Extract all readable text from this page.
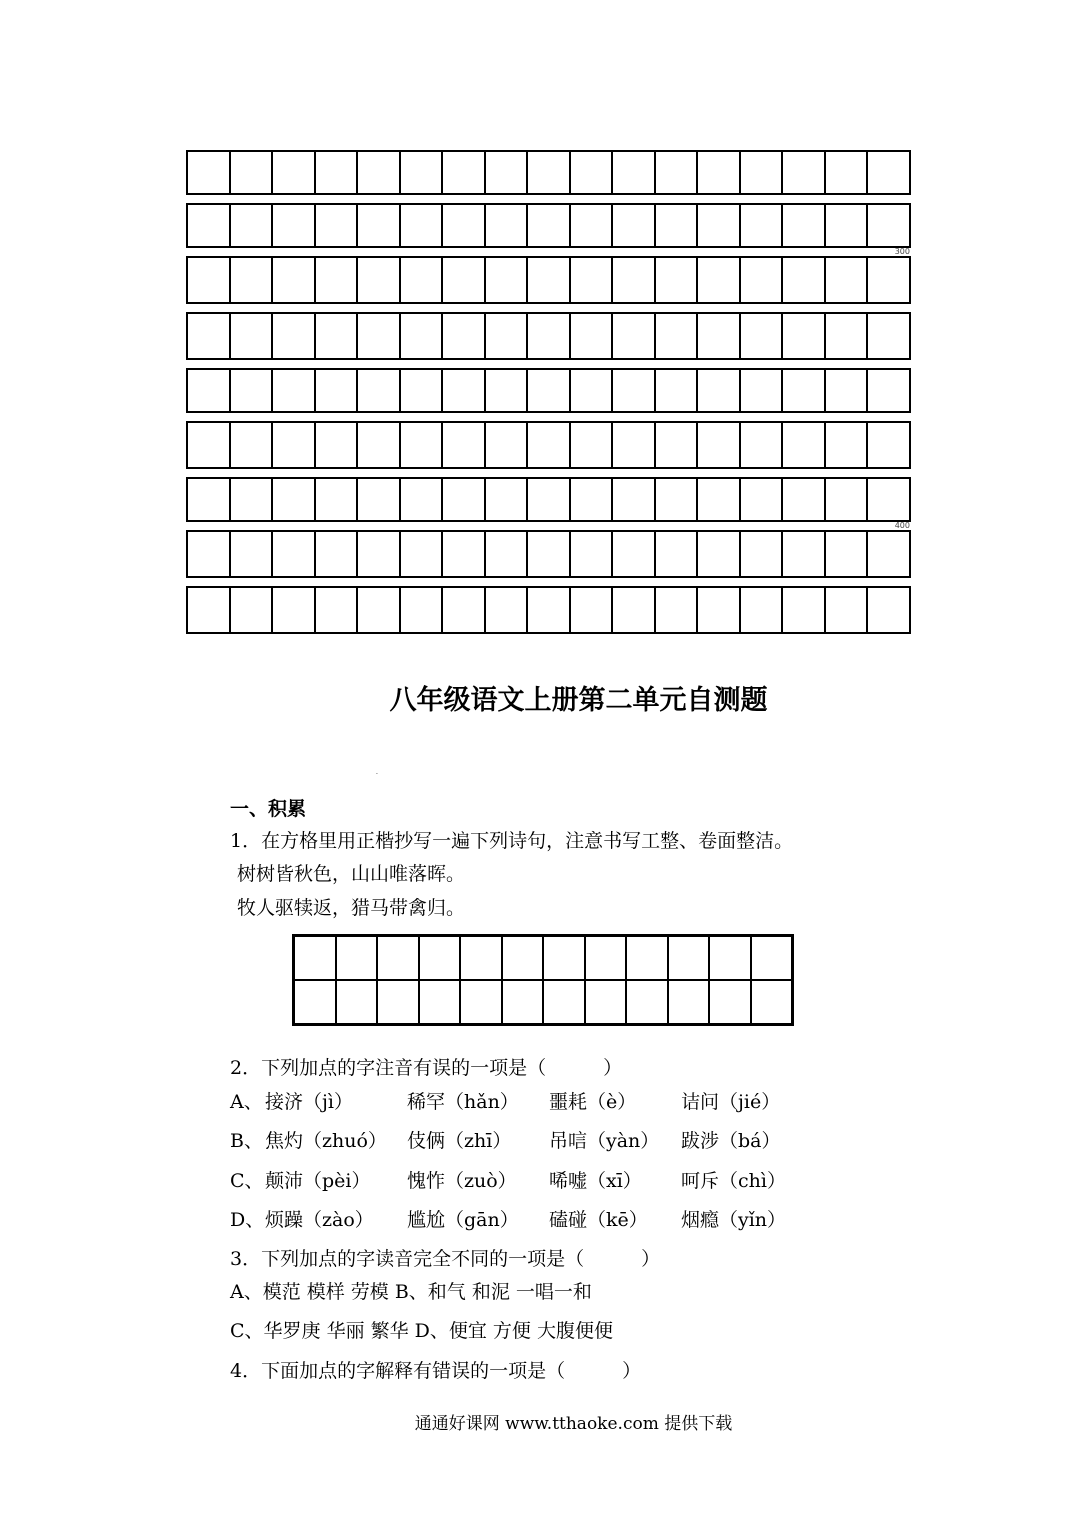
																300

																400

八年级语文上册第二单元自测题
.
一、积累
1．在方格里用正楷抄写一遍下列诗句，注意书写工整、卷面整洁。
树树皆秋色，山山唯落晖。
牧人驱犊返，猎马带禽归。

2．下列加点的字注音有误的一项是（　　　）
A、 接济（jì）	稀罕（hǎn） 噩耗（è） 诘问（jié）
B、 焦灼（zhuó） 伎俩（zhī） 吊唁（yàn） 跋涉（bá）
C、 颠沛（pèi） 愧怍（zuò） 唏嘘（xī） 呵斥（chì）
D、 烦躁（zào） 尴尬（gān） 磕碰（kē） 烟瘾（yǐn）
3．下列加点的字读音完全不同的一项是（　　　）
A、模范 模样 劳模 B、和气 和泥 一唱一和
C、华罗庚 华丽 繁华 D、便宜 方便 大腹便便
4．下面加点的字解释有错误的一项是（　　　）
通通好课网 www.tthaoke.com 提供下载
